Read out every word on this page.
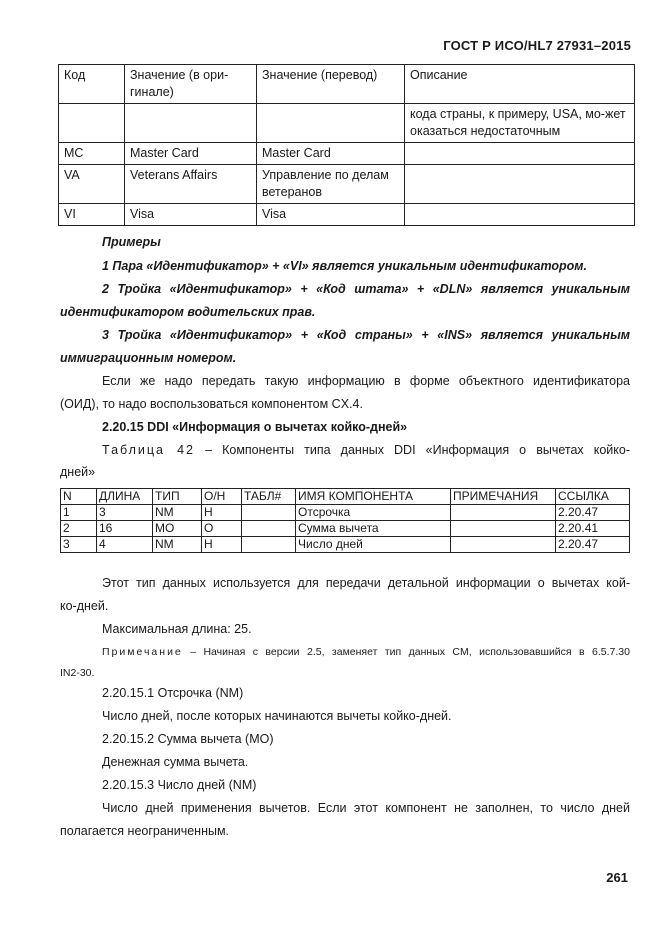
ГОСТ Р ИСО/HL7 27931–2015
Код	Значение (в ори-гинале)	Значение (перевод)	Описание
			кода страны, к примеру, USA, мо-жет оказаться недостаточным
MC	Master Card	Master Card	
VA	Veterans Affairs	Управление по делам ветеранов	
VI	Visa	Visa	
Примеры
1 Пара «Идентификатор» + «VI» является уникальным идентификатором.
2 Тройка «Идентификатор» + «Код штата» + «DLN» является уникальным
идентификатором водительских прав.
3 Тройка «Идентификатор» + «Код страны» + «INS» является уникальным
иммиграционным номером.
Если же надо передать такую информацию в форме объектного идентификатора
(ОИД), то надо воспользоваться компонентом CX.4.
2.20.15 DDI «Информация о вычетах койко-дней»
Таблица 42 – Компоненты типа данных DDI «Информация о вычетах койко-
дней»
N	ДЛИНА	ТИП	О/Н	ТАБЛ#	ИМЯ КОМПОНЕНТА	ПРИМЕЧАНИЯ	ССЫЛКА
1	3	NM	Н		Отсрочка		2.20.47
2	16	MO	О		Сумма вычета		2.20.41
3	4	NM	Н		Число дней		2.20.47
Этот тип данных используется для передачи детальной информации о вычетах кой-
ко-дней.
Максимальная длина: 25.
Примечание – Начиная с версии 2.5, заменяет тип данных CM, использовавшийся в 6.5.7.30
IN2-30.
2.20.15.1 Отсрочка (NM)
Число дней, после которых начинаются вычеты койко-дней.
2.20.15.2 Сумма вычета (MO)
Денежная сумма вычета.
2.20.15.3 Число дней (NM)
Число дней применения вычетов. Если этот компонент не заполнен, то число дней
полагается неограниченным.
261
